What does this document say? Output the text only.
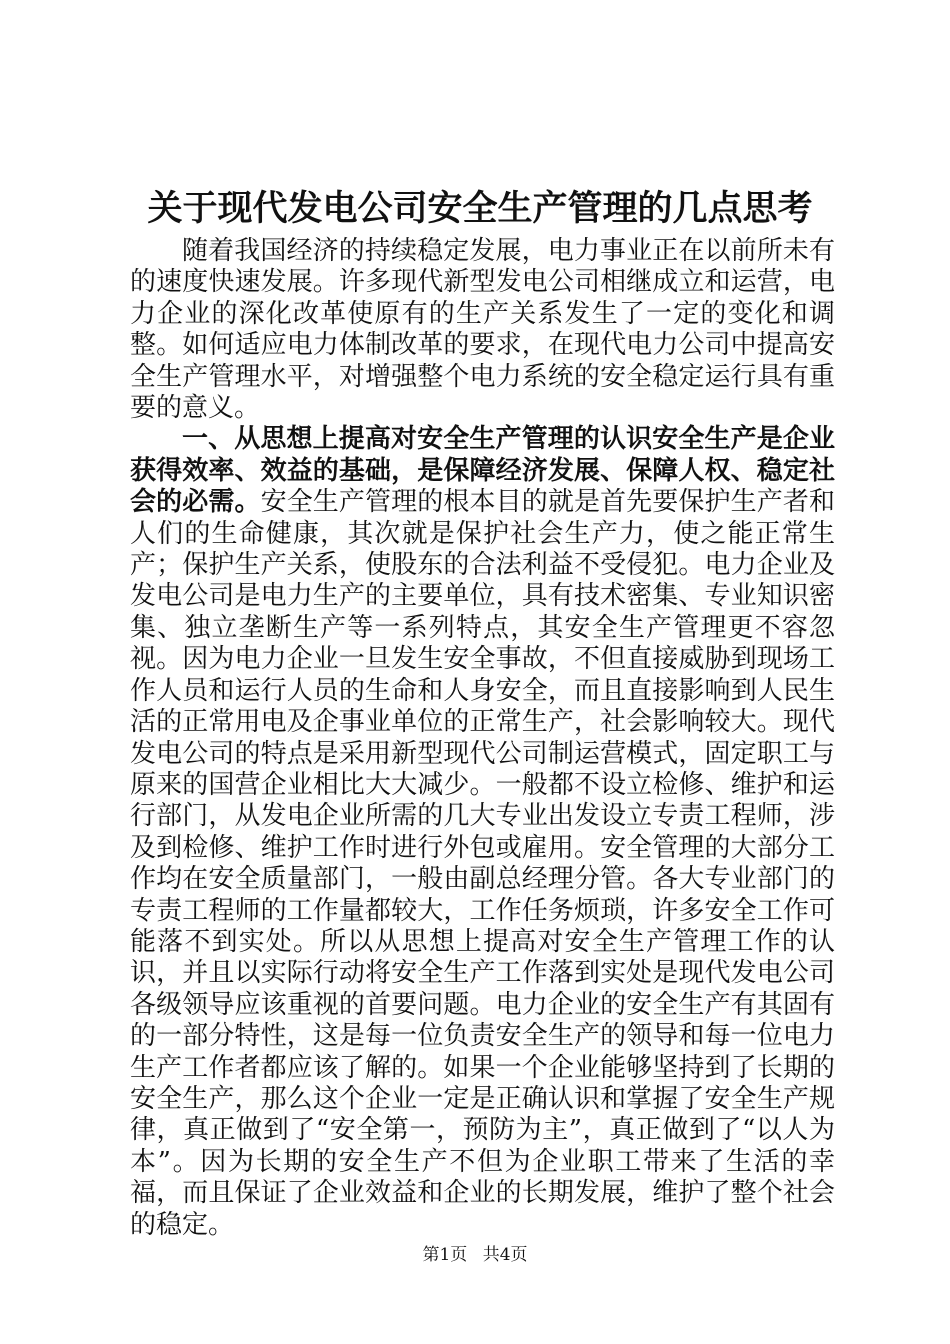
关于现代发电公司安全生产管理的几点思考

随着我国经济的持续稳定发展，电力事业正在以前所未有的速度快速发展。许多现代新型发电公司相继成立和运营，电力企业的深化改革使原有的生产关系发生了一定的变化和调整。如何适应电力体制改革的要求，在现代电力公司中提高安全生产管理水平，对增强整个电力系统的安全稳定运行具有重要的意义。

一、从思想上提高对安全生产管理的认识安全生产是企业获得效率、效益的基础，是保障经济发展、保障人权、稳定社会的必需。安全生产管理的根本目的就是首先要保护生产者和人们的生命健康，其次就是保护社会生产力，使之能正常生产；保护生产关系，使股东的合法利益不受侵犯。电力企业及发电公司是电力生产的主要单位，具有技术密集、专业知识密集、独立垄断生产等一系列特点，其安全生产管理更不容忽视。因为电力企业一旦发生安全事故，不但直接威胁到现场工作人员和运行人员的生命和人身安全，而且直接影响到人民生活的正常用电及企事业单位的正常生产，社会影响较大。现代发电公司的特点是采用新型现代公司制运营模式，固定职工与原来的国营企业相比大大减少。一般都不设立检修、维护和运行部门，从发电企业所需的几大专业出发设立专责工程师，涉及到检修、维护工作时进行外包或雇用。安全管理的大部分工作均在安全质量部门，一般由副总经理分管。各大专业部门的专责工程师的工作量都较大，工作任务烦琐，许多安全工作可能落不到实处。所以从思想上提高对安全生产管理工作的认识，并且以实际行动将安全生产工作落到实处是现代发电公司各级领导应该重视的首要问题。电力企业的安全生产有其固有的一部分特性，这是每一位负责安全生产的领导和每一位电力生产工作者都应该了解的。如果一个企业能够坚持到了长期的安全生产，那么这个企业一定是正确认识和掌握了安全生产规律，真正做到了“安全第一，预防为主”，真正做到了“以人为本”。因为长期的安全生产不但为企业职工带来了生活的幸福，而且保证了企业效益和企业的长期发展，维护了整个社会的稳定。

第1页 共4页
